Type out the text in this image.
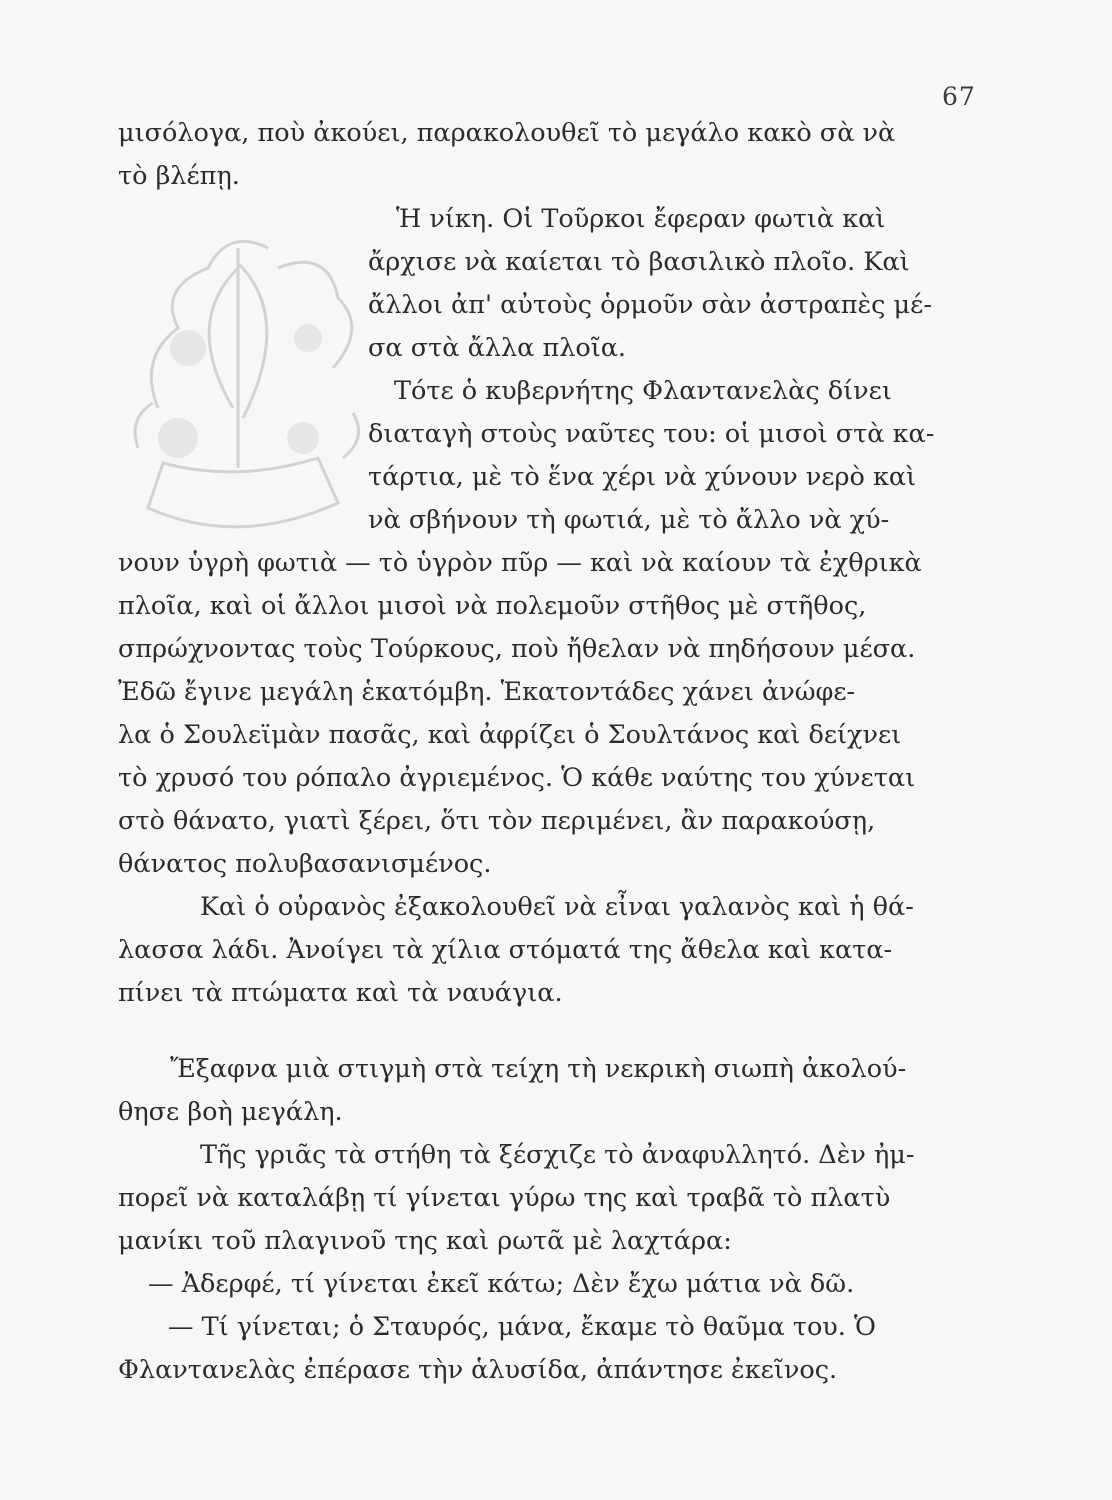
67
μισόλογα, ποὺ ἀκούει, παρακολουθεῖ τὸ μεγάλο κακὸ σὰ νὰ
τὸ βλέπῃ.
Ἡ νίκη. Οἱ Τοῦρκοι ἔφεραν φωτιὰ καὶ
ἄρχισε νὰ καίεται τὸ βασιλικὸ πλοῖο. Καὶ
ἄλλοι ἀπ' αὐτοὺς ὁρμοῦν σὰν ἀστραπὲς μέ-
σα στὰ ἄλλα πλοῖα.
Τότε ὁ κυβερνήτης Φλαντανελὰς δίνει
διαταγὴ στοὺς ναῦτες του: οἱ μισοὶ στὰ κα-
τάρτια, μὲ τὸ ἕνα χέρι νὰ χύνουν νερὸ καὶ
νὰ σβήνουν τὴ φωτιά, μὲ τὸ ἄλλο νὰ χύ-
νουν ὑγρὴ φωτιὰ — τὸ ὑγρὸν πῦρ — καὶ νὰ καίουν τὰ ἐχθρικὰ
πλοῖα, καὶ οἱ ἄλλοι μισοὶ νὰ πολεμοῦν στῆθος μὲ στῆθος,
σπρώχνοντας τοὺς Τούρκους, ποὺ ἤθελαν νὰ πηδήσουν μέσα.
Ἐδῶ ἔγινε μεγάλη ἑκατόμβη. Ἑκατοντάδες χάνει ἀνώφε-
λα ὁ Σουλεϊμὰν πασᾶς, καὶ ἀφρίζει ὁ Σουλτάνος καὶ δείχνει
τὸ χρυσό του ρόπαλο ἀγριεμένος. Ὁ κάθε ναύτης του χύνεται
στὸ θάνατο, γιατὶ ξέρει, ὅτι τὸν περιμένει, ἂν παρακούσῃ,
θάνατος πολυβασανισμένος.
Καὶ ὁ οὐρανὸς ἐξακολουθεῖ νὰ εἶναι γαλανὸς καὶ ἡ θά-
λασσα λάδι. Ἀνοίγει τὰ χίλια στόματά της ἄθελα καὶ κατα-
πίνει τὰ πτώματα καὶ τὰ ναυάγια.
Ἔξαφνα μιὰ στιγμὴ στὰ τείχη τὴ νεκρικὴ σιωπὴ ἀκολού-
θησε βοὴ μεγάλη.
Τῆς γριᾶς τὰ στήθη τὰ ξέσχιζε τὸ ἀναφυλλητό. Δὲν ἠμ-
πορεῖ νὰ καταλάβῃ τί γίνεται γύρω της καὶ τραβᾶ τὸ πλατὺ
μανίκι τοῦ πλαγινοῦ της καὶ ρωτᾶ μὲ λαχτάρα:
— Ἀδερφέ, τί γίνεται ἐκεῖ κάτω; Δὲν ἔχω μάτια νὰ δῶ.
— Τί γίνεται; ὁ Σταυρός, μάνα, ἔκαμε τὸ θαῦμα του. Ὁ
Φλαντανελὰς ἐπέρασε τὴν ἁλυσίδα, ἀπάντησε ἐκεῖνος.
